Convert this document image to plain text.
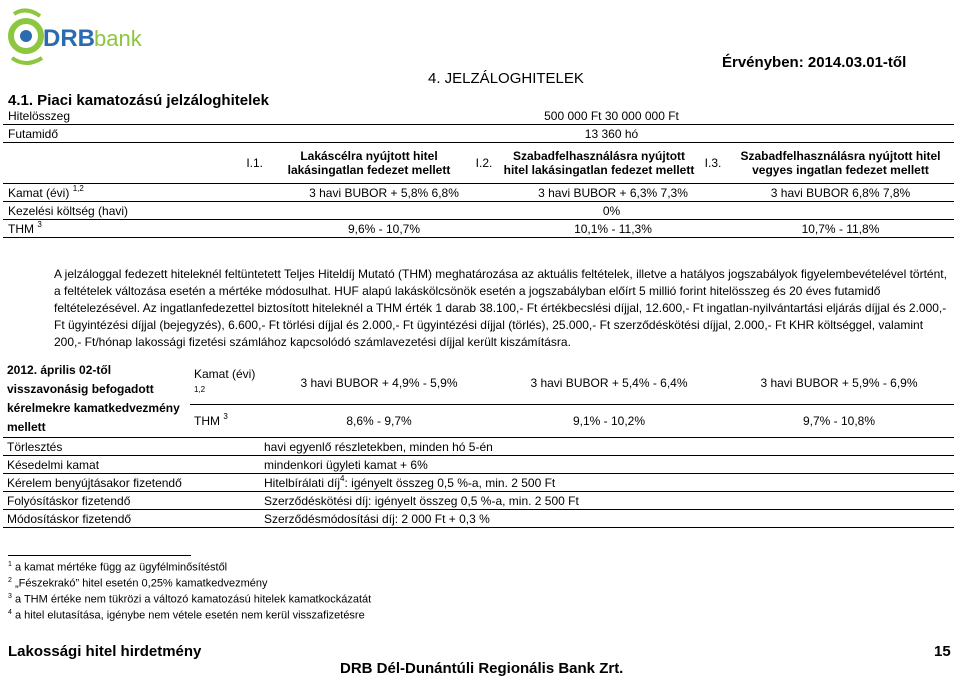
DRB bank
4. JELZÁLOGHITELEK
Érvényben: 2014.03.01-től
4.1. Piaci kamatozású jelzáloghitelek
Hitelösszeg	500 000 Ft 30 000 000 Ft				
Futamidő	13 360 hó				
I.1.	Lakáscélra nyújtott hitel lakásingatlan fedezet mellett	I.2.	Szabadfelhasználásra nyújtott hitel lakásingatlan fedezet mellett	I.3.	Szabadfelhasználásra nyújtott hitel vegyes ingatlan fedezet mellett
Kamat (évi) $^{1,2}$	3 havi BUBOR + 5,8% 6,8%		3 havi BUBOR + 6,3% 7,3%		3 havi BUBOR 6,8% 7,8%
Kezelési költség (havi)	0%				
THM $^3$	9,6% - 10,7%		10,1% - 11,3%		10,7% - 11,8%
A jelzáloggal fedezett hiteleknél feltüntetett Teljes Hiteldíj Mutató (THM) meghatározása az aktuális feltételek, illetve a hatályos jogszabályok figyelembevételével történt, a feltételek változása esetén a mértéke módosulhat. HUF alapú lakáskölcsönök esetén a jogszabályban előírt 5 millió forint hitelösszeg és 20 éves futamidő feltételezésével. Az ingatlanfedezettel biztosított hiteleknél a THM érték 1 darab 38.100,- Ft értékbecslési díjjal, 12.600,- Ft ingatlan-nyilvántartási eljárás díjjal és 2.000,- Ft ügyintézési díjjal (bejegyzés), 6.600,- Ft törlési díjjal és 2.000,- Ft ügyintézési díjjal (törlés), 25.000,- Ft szerződéskötési díjjal, 2.000,- Ft KHR költséggel, valamint 200,- Ft/hónap lakossági fizetési számlához kapcsolódó számlavezetési díjjal került kiszámításra.
2012. április 02-től visszavonásig befogadott kérelmekre kamatkedvezmény mellett	Kamat (évi) $^{1,2}$	3 havi BUBOR + 4,9% - 5,9%	3 havi BUBOR + 5,4% - 6,4%	3 havi BUBOR + 5,9% - 6,9%
	THM $^3$	8,6% - 9,7%	9,1% - 10,2%	9,7% - 10,8%
Törlesztés		havi egyenlő részletekben, minden hó 5-én		
Késedelmi kamat		mindenkori ügyleti kamat + 6%		
Kérelem benyújtásakor fizetendő		Hitelbírálati díj$^4$: igényelt összeg 0,5 %-a, min. 2 500 Ft		
Folyósításkor fizetendő		Szerződéskötési díj: igényelt összeg 0,5 %-a, min. 2 500 Ft		
Módosításkor fizetendő		Szerződésmódosítási díj: 2 000 Ft + 0,3 %		
$^1$ a kamat mértéke függ az ügyfélminősítéstől
$^2$ „Fészekrakó” hitel esetén 0,25% kamatkedvezmény
$^3$ a THM értéke nem tükrözi a változó kamatozású hitelek kamatkockázatát
$^4$ a hitel elutasítása, igénybe nem vétele esetén nem kerül visszafizetésre
Lakossági hitel hirdetmény
DRB Dél-Dunántúli Regionális Bank Zrt.
15
